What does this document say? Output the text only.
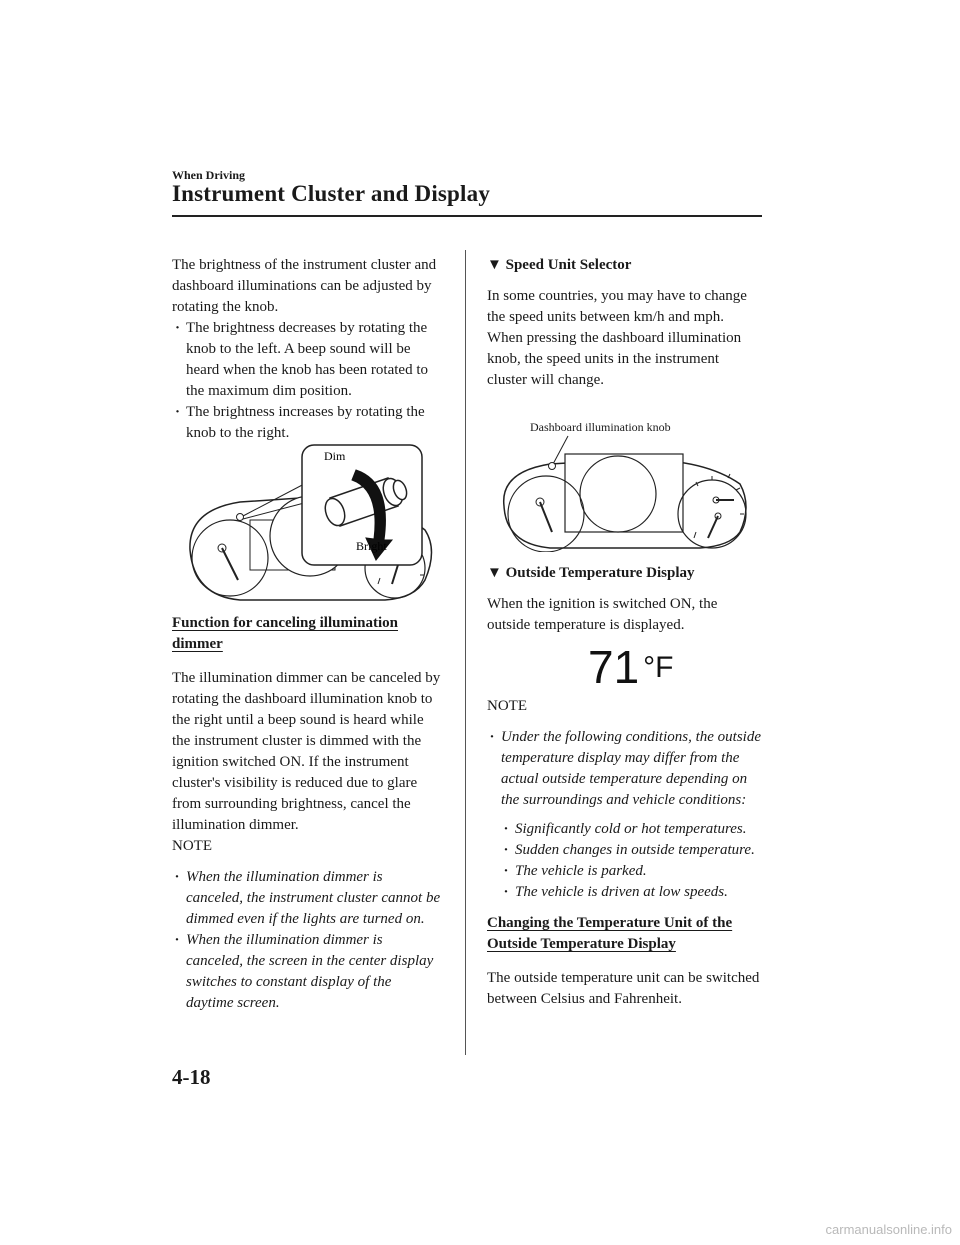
When Driving
Instrument Cluster and Display

The brightness of the instrument cluster and dashboard illuminations can be adjusted by rotating the knob.

· The brightness decreases by rotating the knob to the left. A beep sound will be heard when the knob has been rotated to the maximum dim position.
· The brightness increases by rotating the knob to the right.
Dim
Bright

Function for canceling illumination dimmer

The illumination dimmer can be canceled by rotating the dashboard illumination knob to the right until a beep sound is heard while the instrument cluster is dimmed with the ignition switched ON. If the instrument cluster's visibility is reduced due to glare from surrounding brightness, cancel the illumination dimmer.

NOTE

· When the illumination dimmer is canceled, the instrument cluster cannot be dimmed even if the lights are turned on.
· When the illumination dimmer is canceled, the screen in the center display switches to constant display of the daytime screen.

▼ Speed Unit Selector

In some countries, you may have to change the speed units between km/h and mph.

When pressing the dashboard illumination knob, the speed units in the instrument cluster will change.

Dashboard illumination knob

▼ Outside Temperature Display

When the ignition is switched ON, the outside temperature is displayed.

71 °F

NOTE

· Under the following conditions, the outside temperature display may differ from the actual outside temperature depending on the surroundings and vehicle conditions:
· Significantly cold or hot temperatures.
· Sudden changes in outside temperature.
· The vehicle is parked.
· The vehicle is driven at low speeds.

Changing the Temperature Unit of the Outside Temperature Display

The outside temperature unit can be switched between Celsius and Fahrenheit.

4-18
carmanualsonline.info
